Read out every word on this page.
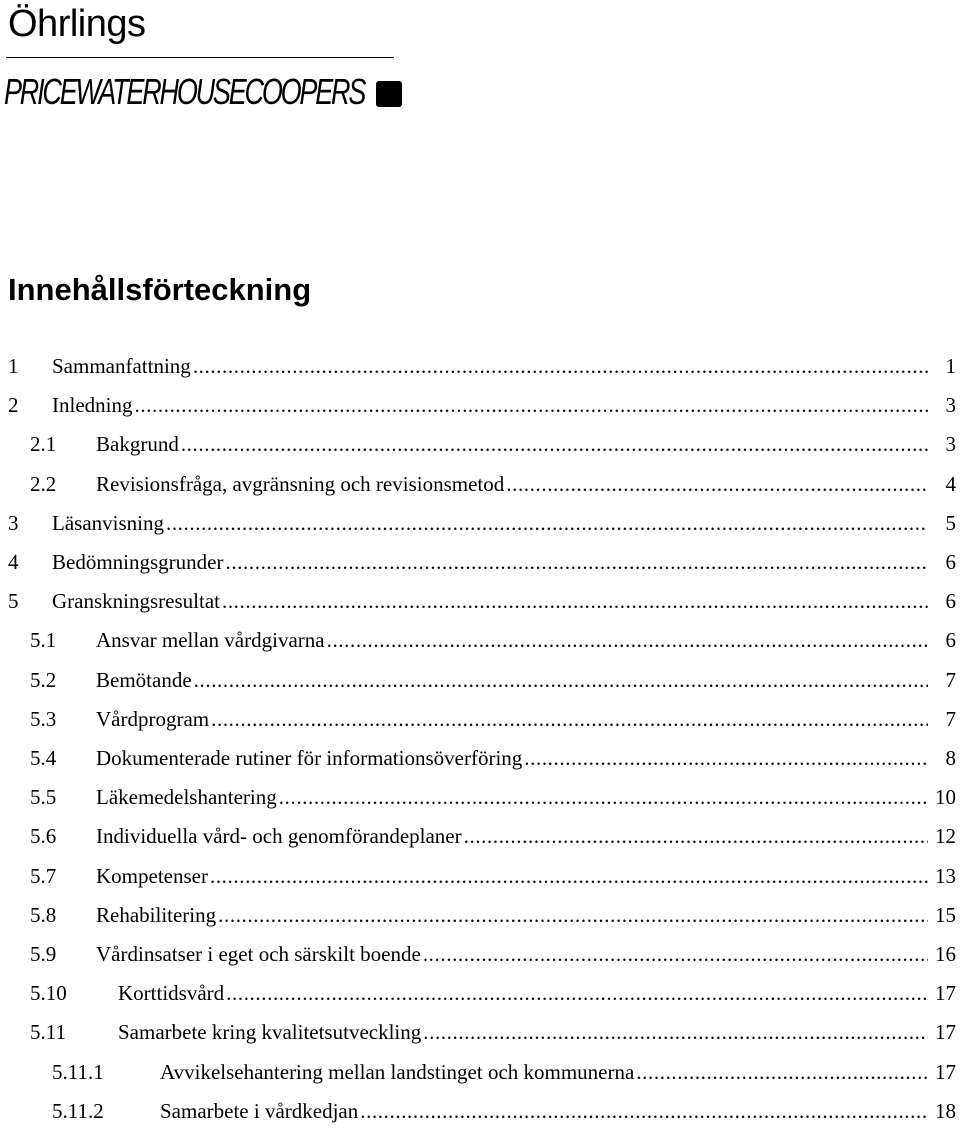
Öhrlings
PRICEWATERHOUSECOOPERS
Innehållsförteckning
1 Sammanfattning .....	1
2 Inledning .....	3
2.1 Bakgrund .....	3
2.2 Revisionsfråga, avgränsning och revisionsmetod .....	4
3 Läsanvisning .....	5
4 Bedömningsgrunder .....	6
5 Granskningsresultat .....	6
5.1 Ansvar mellan vårdgivarna .....	6
5.2 Bemötande .....	7
5.3 Vårdprogram .....	7
5.4 Dokumenterade rutiner för informationsöverföring .....	8
5.5 Läkemedelshantering .....	10
5.6 Individuella vård- och genomförandeplaner .....	12
5.7 Kompetenser .....	13
5.8 Rehabilitering .....	15
5.9 Vårdinsatser i eget och särskilt boende .....	16
5.10 Korttidsvård .....	17
5.11 Samarbete kring kvalitetsutveckling .....	17
5.11.1	Avvikelsehantering mellan landstinget och kommunerna .....	17
5.11.2	Samarbete i vårdkedjan .....	18
